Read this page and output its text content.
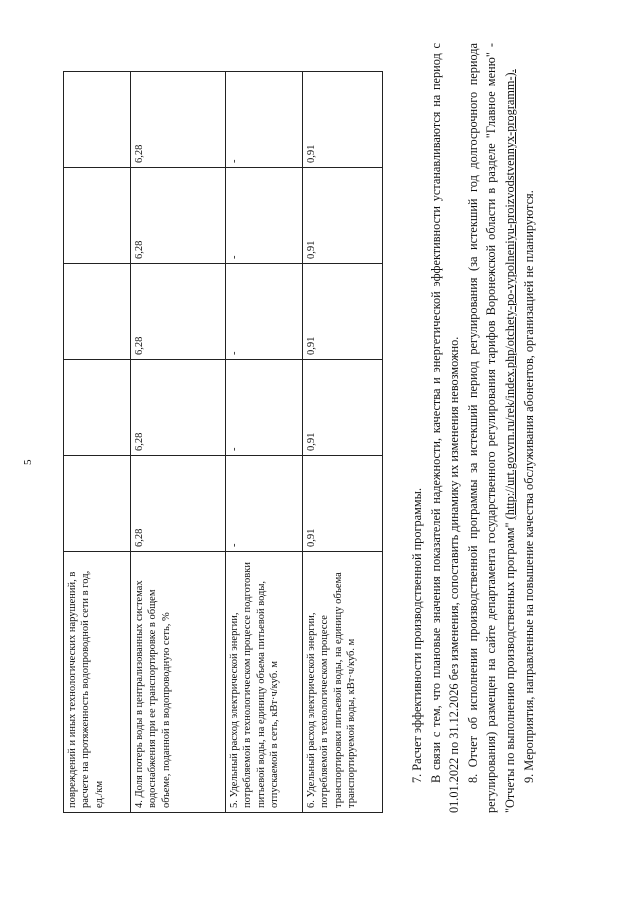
5
повреждений и иных технологических нарушений, в расчете на протяженность водопроводной сети в год, ед./км					
4. Доля потерь воды в централизованных системах водоснабжения при ее транспортировке в общем объеме, поданной в водопроводную сеть, %	6,28	6,28	6,28	6,28	6,28
5. Удельный расход электрической энергии, потребляемой в технологическом процессе подготовки питьевой воды, на единицу объема питьевой воды, отпускаемой в сеть, кВт·ч/куб. м	-	-	-	-	-
6. Удельный расход электрической энергии, потребляемой в технологическом процессе транспортировки питьевой воды, на единицу объема транспортируемой воды, кВт·ч/куб. м	0,91	0,91	0,91	0,91	0,91

7. Расчет эффективности производственной программы. В связи с тем, что плановые значения показателей надежности, качества и энергетической эффективности устанавливаются на период с 01.01.2022 по 31.12.2026 без изменения, сопоставить динамику их изменения невозможно. 8. Отчет об исполнении производственной программы за истекший период регулирования (за истекший год долгосрочного периода регулирования) размещен на сайте департамента государственного регулирования тарифов Воронежской области в разделе "Главное меню" - "Отчеты по выполнению производственных программ" (http://urt.govvrn.ru/rek/index.php/otchety-po-vypolneniyu-proizvodstvennyx-programm-). 9. Мероприятия, направленные на повышение качества обслуживания абонентов, организацией не планируются.
